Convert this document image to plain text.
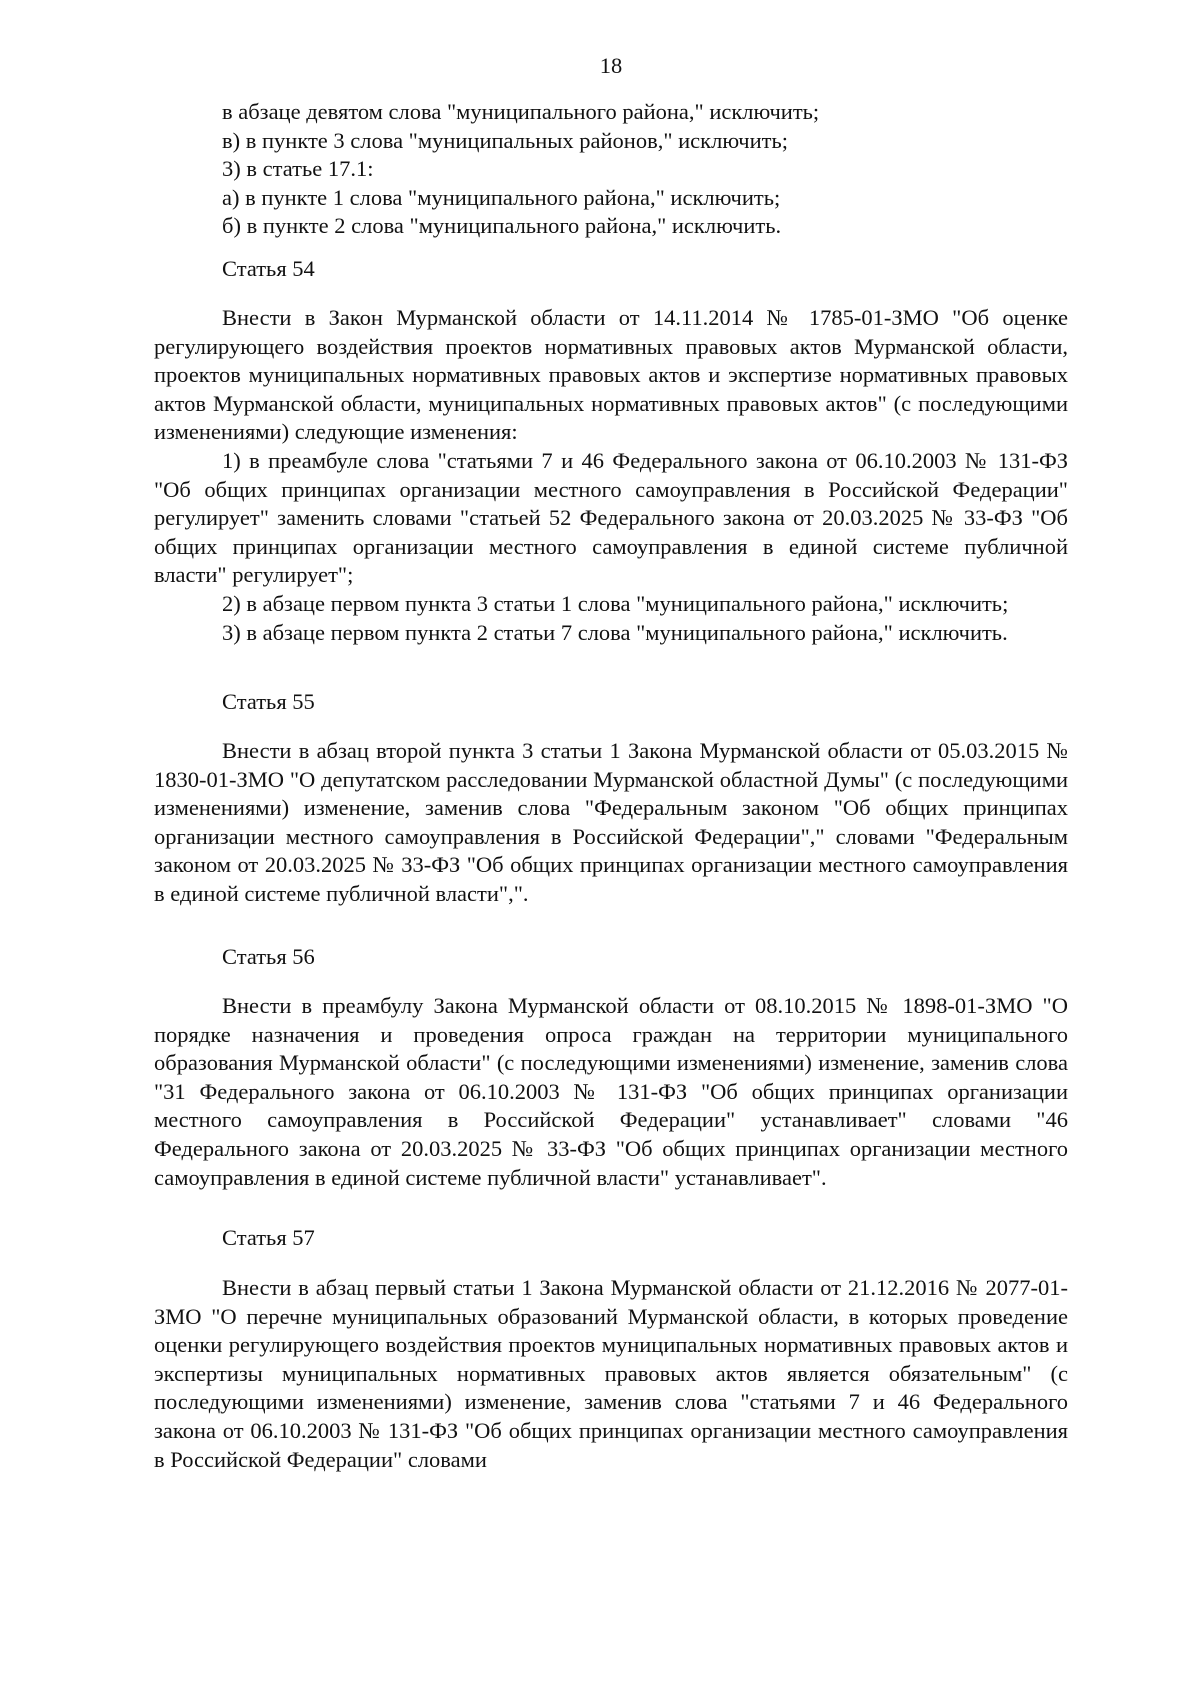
18

в абзаце девятом слова "муниципального района," исключить;

в) в пункте 3 слова "муниципальных районов," исключить;

3) в статье 17.1:

а) в пункте 1 слова "муниципального района," исключить;

б) в пункте 2 слова "муниципального района," исключить.

Статья 54

Внести в Закон Мурманской области от 14.11.2014 № 1785-01-ЗМО "Об оценке регулирующего воздействия проектов нормативных правовых актов Мурманской области, проектов муниципальных нормативных правовых актов и экспертизе нормативных правовых актов Мурманской области, муниципальных нормативных правовых актов" (с последующими изменениями) следующие изменения:

1) в преамбуле слова "статьями 7 и 46 Федерального закона от 06.10.2003 № 131-ФЗ "Об общих принципах организации местного самоуправления в Российской Федерации" регулирует" заменить словами "статьей 52 Федерального закона от 20.03.2025 № 33-ФЗ "Об общих принципах организации местного самоуправления в единой системе публичной власти" регулирует";

2) в абзаце первом пункта 3 статьи 1 слова "муниципального района," исключить;

3) в абзаце первом пункта 2 статьи 7 слова "муниципального района," исключить.

Статья 55

Внести в абзац второй пункта 3 статьи 1 Закона Мурманской области от 05.03.2015 № 1830-01-ЗМО "О депутатском расследовании Мурманской областной Думы" (с последующими изменениями) изменение, заменив слова "Федеральным законом "Об общих принципах организации местного самоуправления в Российской Федерации"," словами "Федеральным законом от 20.03.2025 № 33-ФЗ "Об общих принципах организации местного самоуправления в единой системе публичной власти",".

Статья 56

Внести в преамбулу Закона Мурманской области от 08.10.2015 № 1898-01-ЗМО "О порядке назначения и проведения опроса граждан на территории муниципального образования Мурманской области" (с последующими изменениями) изменение, заменив слова "31 Федерального закона от 06.10.2003 № 131-ФЗ "Об общих принципах организации местного самоуправления в Российской Федерации" устанавливает" словами "46 Федерального закона от 20.03.2025 № 33-ФЗ "Об общих принципах организации местного самоуправления в единой системе публичной власти" устанавливает".

Статья 57

Внести в абзац первый статьи 1 Закона Мурманской области от 21.12.2016 № 2077-01-ЗМО "О перечне муниципальных образований Мурманской области, в которых проведение оценки регулирующего воздействия проектов муниципальных нормативных правовых актов и экспертизы муниципальных нормативных правовых актов является обязательным" (с последующими изменениями) изменение, заменив слова "статьями 7 и 46 Федерального закона от 06.10.2003 № 131-ФЗ "Об общих принципах организации местного самоуправления в Российской Федерации" словами
